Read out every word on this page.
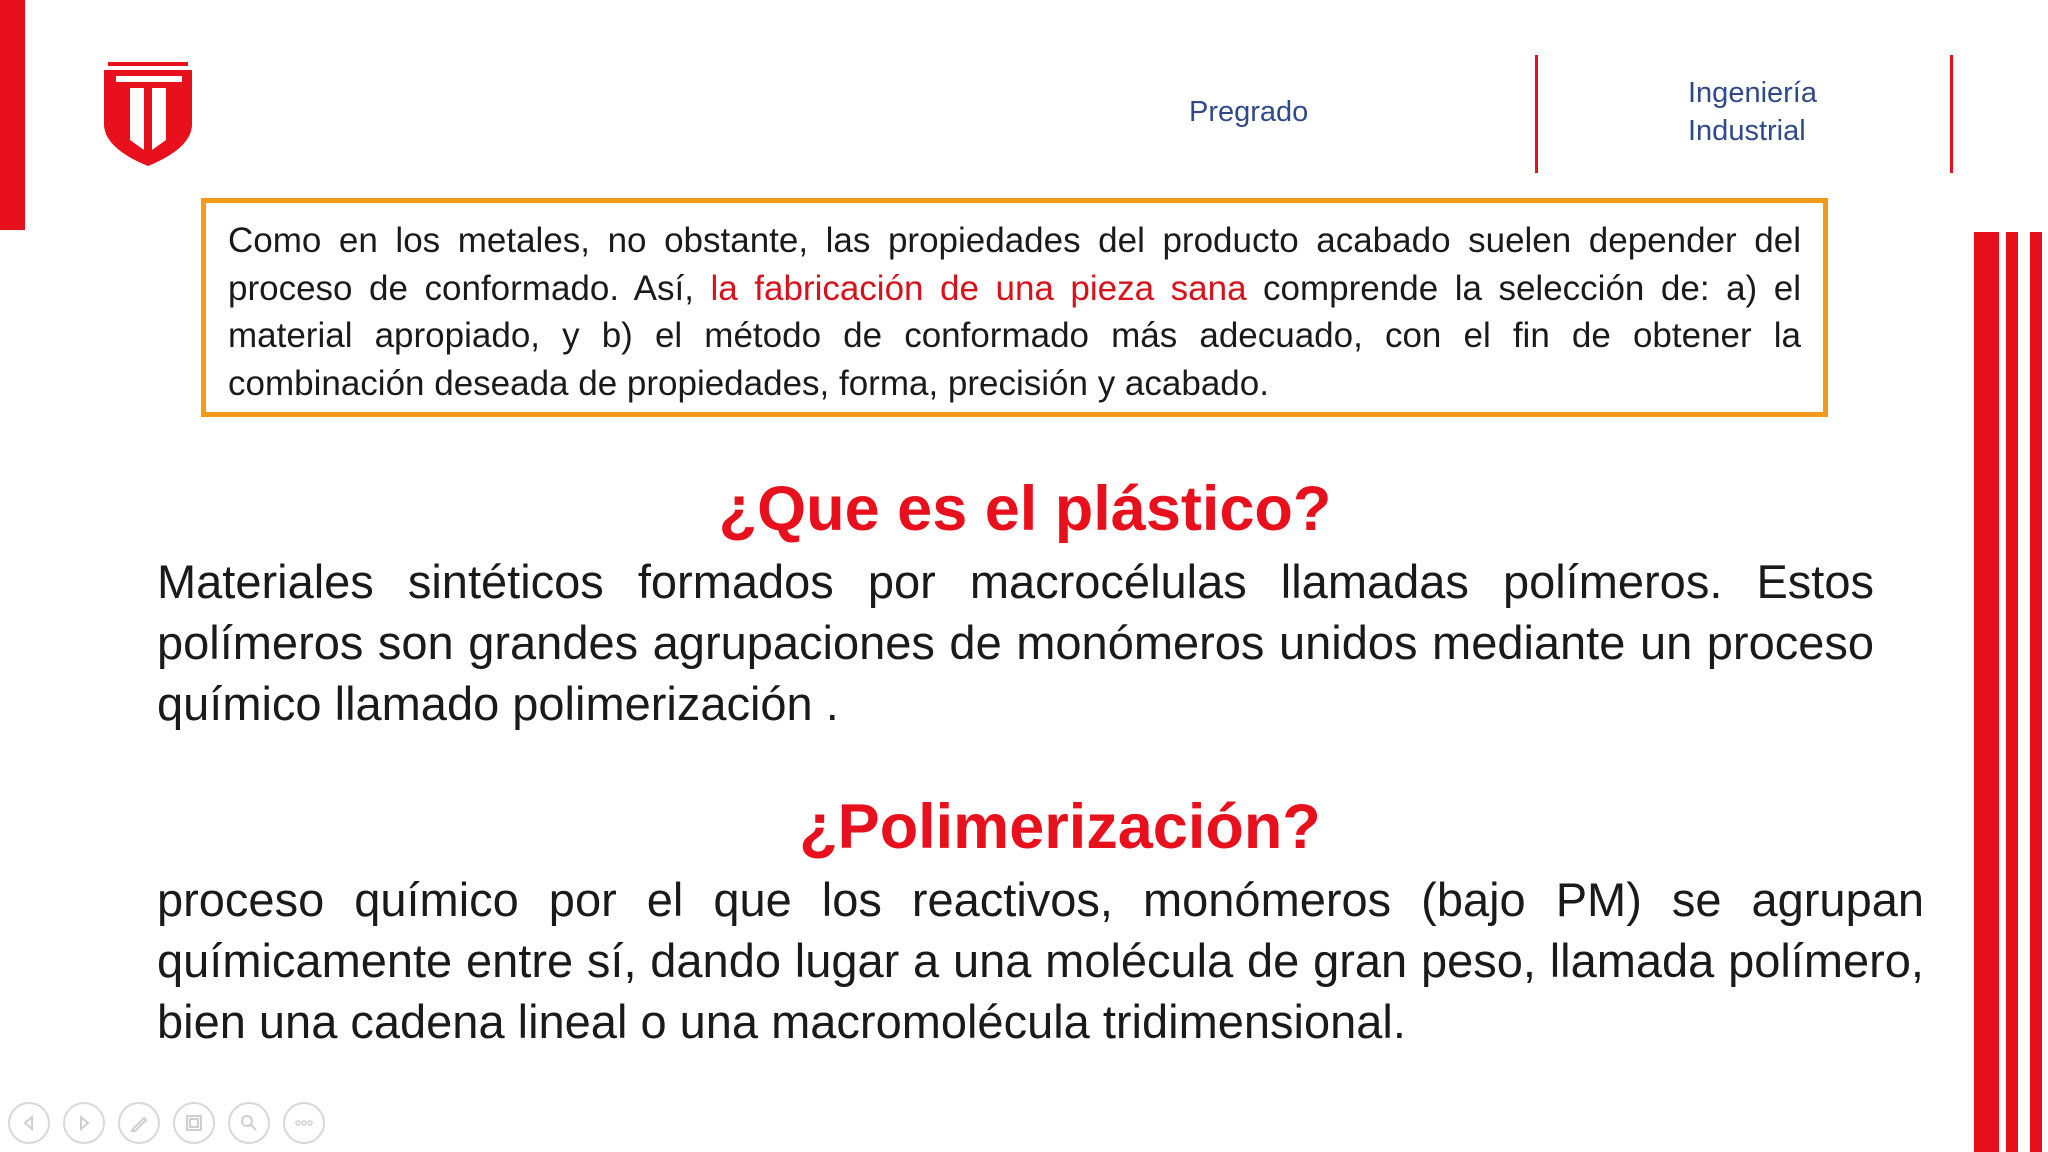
Pregrado
Ingeniería
Industrial
Como en los metales, no obstante, las propiedades del producto acabado suelen depender del proceso de conformado. Así, la fabricación de una pieza sana comprende la selección de: a) el material apropiado, y b) el método de conformado más adecuado, con el fin de obtener la combinación deseada de propiedades, forma, precisión y acabado.
¿Que es el plástico?
Materiales sintéticos formados por macrocélulas llamadas polímeros. Estos polímeros son grandes agrupaciones de monómeros unidos mediante un proceso químico llamado polimerización .
¿Polimerización?
proceso químico por el que los reactivos, monómeros (bajo PM) se agrupan químicamente entre sí, dando lugar a una molécula de gran peso, llamada polímero, bien una cadena lineal o una macromolécula tridimensional.
